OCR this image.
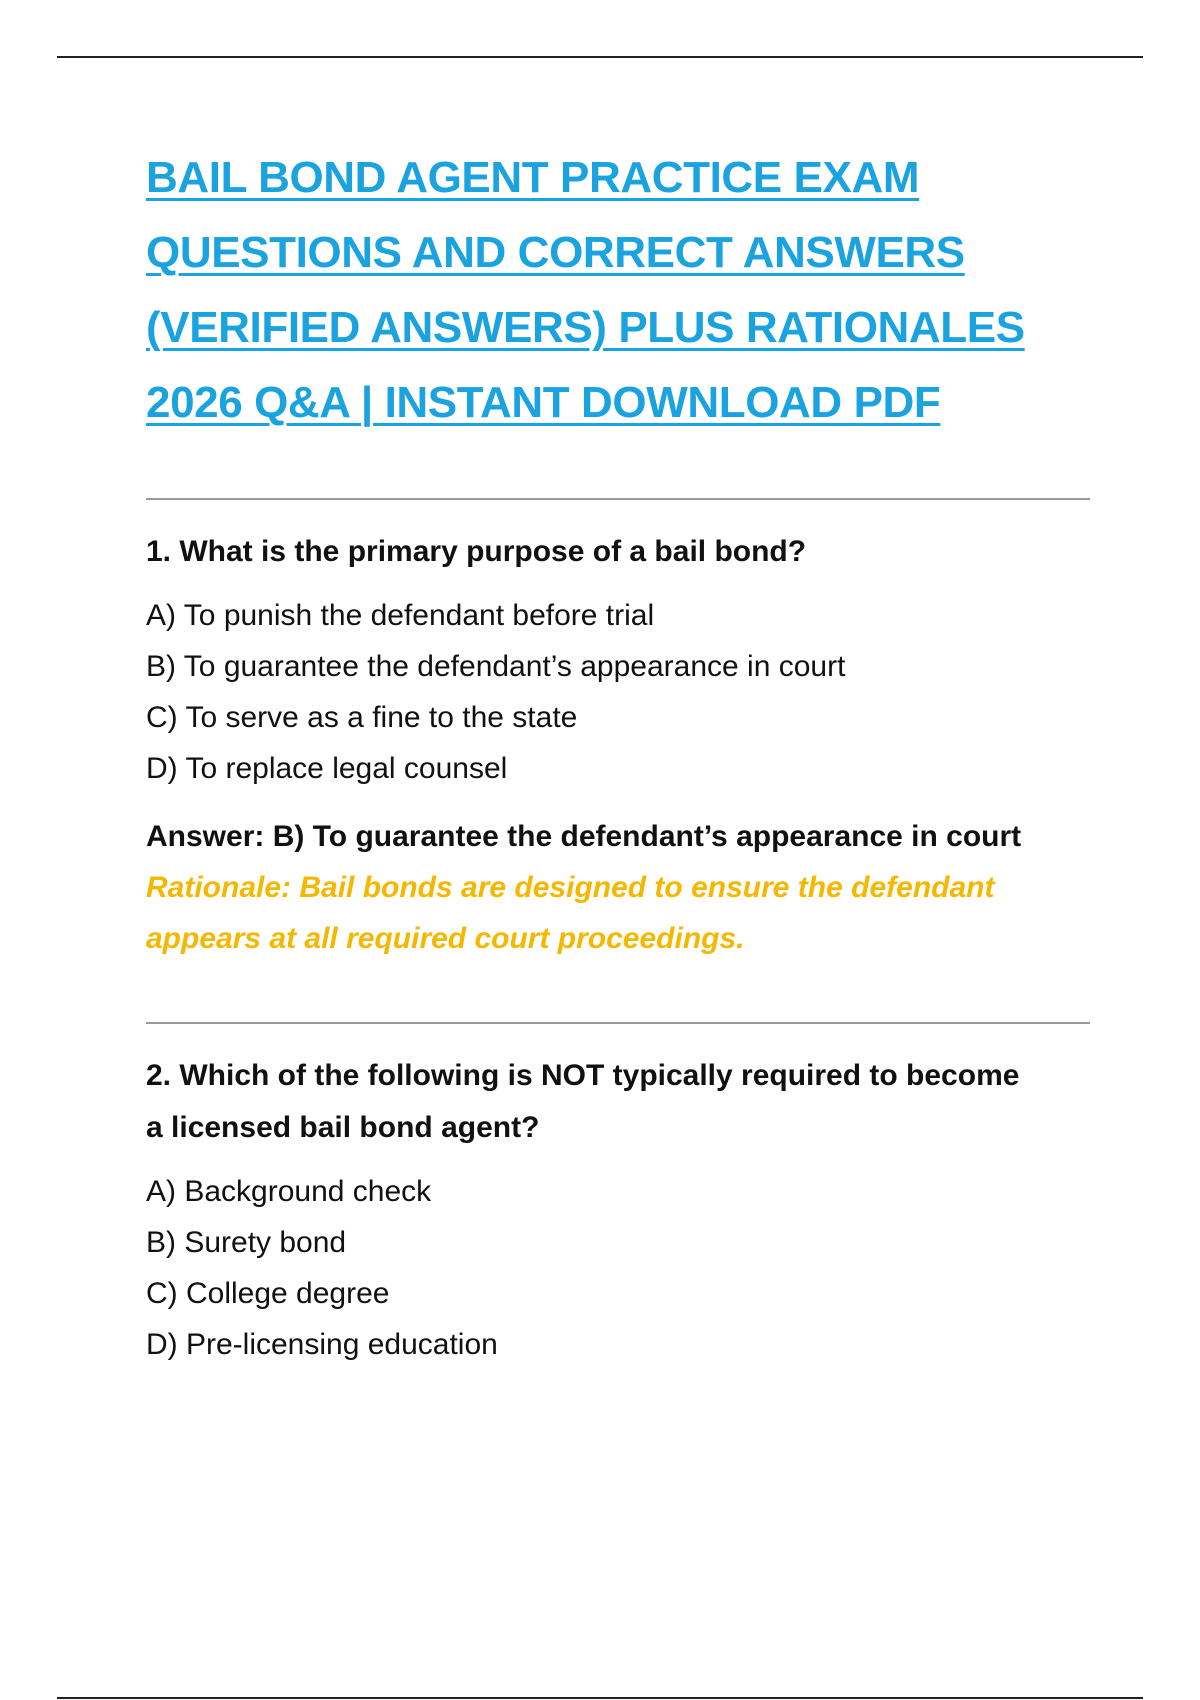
BAIL BOND AGENT PRACTICE EXAM
QUESTIONS AND CORRECT ANSWERS
(VERIFIED ANSWERS) PLUS RATIONALES
2026 Q&A | INSTANT DOWNLOAD PDF

1. What is the primary purpose of a bail bond?

A) To punish the defendant before trial
B) To guarantee the defendant’s appearance in court
C) To serve as a fine to the state
D) To replace legal counsel

Answer: B) To guarantee the defendant’s appearance in court

Rationale: Bail bonds are designed to ensure the defendant

appears at all required court proceedings.

2. Which of the following is NOT typically required to become

a licensed bail bond agent?

A) Background check
B) Surety bond
C) College degree
D) Pre-licensing education
